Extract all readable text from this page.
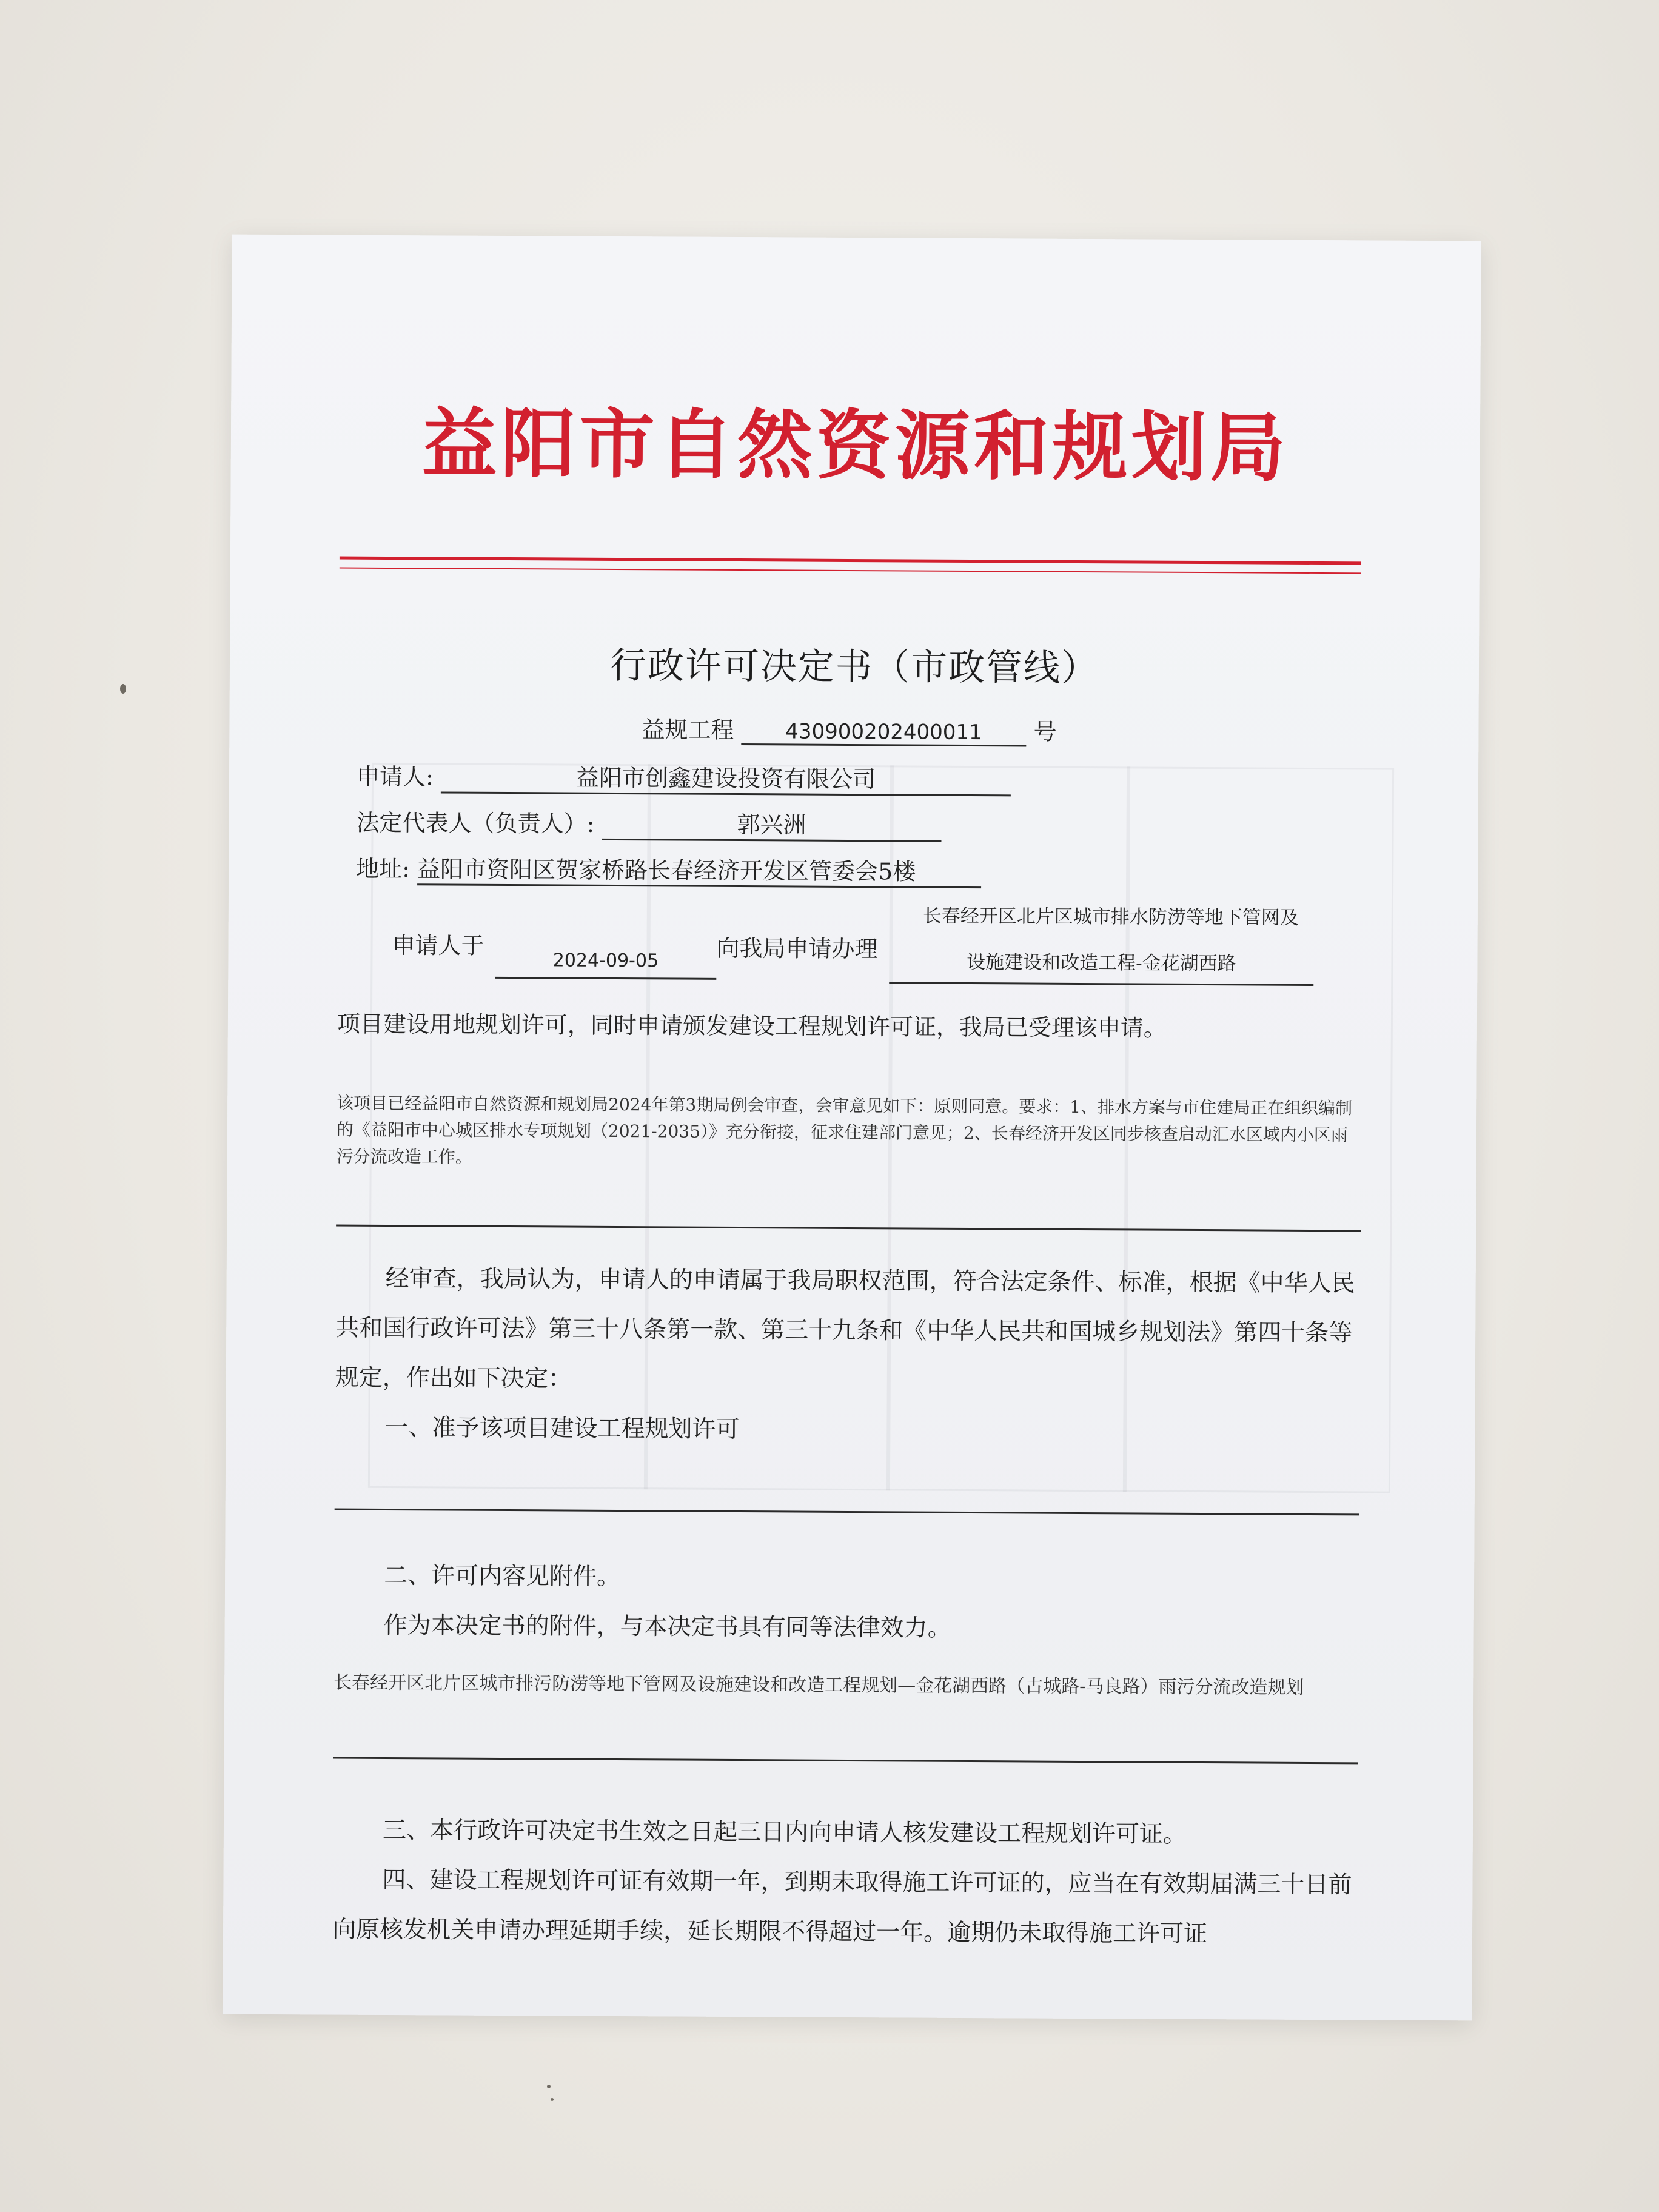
益阳市自然资源和规划局
行政许可决定书（市政管线）
益规工程 430900202400011 号
申请人:	益阳市创鑫建设投资有限公司
法定代表人（负责人）:	郭兴洲
地址: 益阳市资阳区贺家桥路长春经济开发区管委会5楼
申请人于
2024-09-05	向我局申请办理
长春经开区北片区城市排水防涝等地下管网及
设施建设和改造工程-金花湖西路
项目建设用地规划许可，同时申请颁发建设工程规划许可证，我局已受理该申请。
该项目已经益阳市自然资源和规划局2024年第3期局例会审查，会审意见如下：原则同意。要求：1、排水方案与市住建局正在组织编制的《益阳市中心城区排水专项规划（2021-2035）》充分衔接，征求住建部门意见；2、长春经济开发区同步核查启动汇水区域内小区雨污分流改造工作。
经审查，我局认为，申请人的申请属于我局职权范围，符合法定条件、标准，根据《中华人民共和国行政许可法》第三十八条第一款、第三十九条和《中华人民共和国城乡规划法》第四十条等规定，作出如下决定：
一、准予该项目建设工程规划许可
二、许可内容见附件。
作为本决定书的附件，与本决定书具有同等法律效力。
长春经开区北片区城市排污防涝等地下管网及设施建设和改造工程规划—金花湖西路（古城路-马良路）雨污分流改造规划
三、本行政许可决定书生效之日起三日内向申请人核发建设工程规划许可证。
四、建设工程规划许可证有效期一年，到期未取得施工许可证的，应当在有效期届满三十日前向原核发机关申请办理延期手续，延长期限不得超过一年。逾期仍未取得施工许可证
